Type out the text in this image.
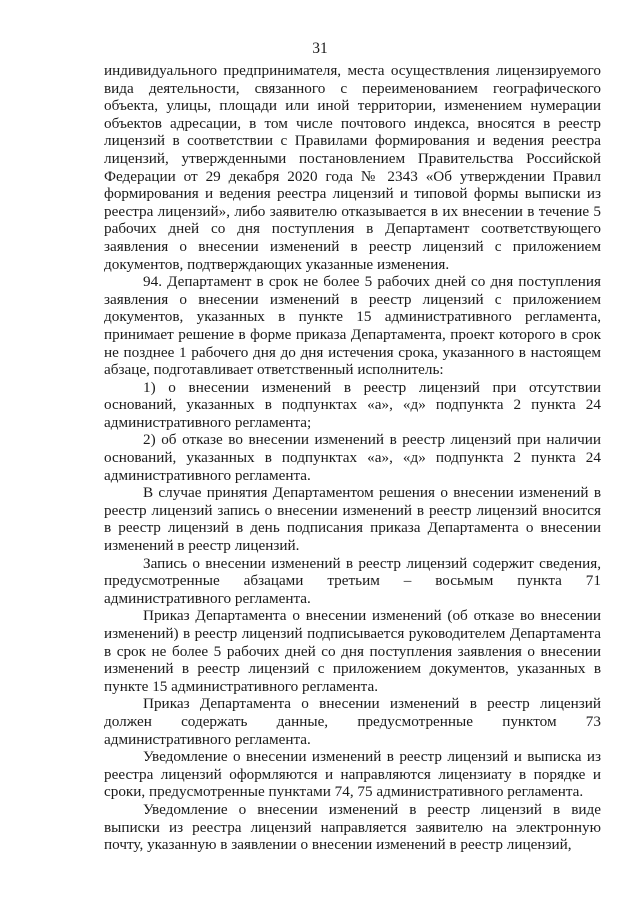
31

индивидуального предпринимателя, места осуществления лицензируемого вида деятельности, связанного с переименованием географического объекта, улицы, площади или иной территории, изменением нумерации объектов адресации, в том числе почтового индекса, вносятся в реестр лицензий в соответствии с Правилами формирования и ведения реестра лицензий, утвержденными постановлением Правительства Российской Федерации от 29 декабря 2020 года № 2343 «Об утверждении Правил формирования и ведения реестра лицензий и типовой формы выписки из реестра лицензий», либо заявителю отказывается в их внесении в течение 5 рабочих дней со дня поступления в Департамент соответствующего заявления о внесении изменений в реестр лицензий с приложением документов, подтверждающих указанные изменения.

94. Департамент в срок не более 5 рабочих дней со дня поступления заявления о внесении изменений в реестр лицензий с приложением документов, указанных в пункте 15 административного регламента, принимает решение в форме приказа Департамента, проект которого в срок не позднее 1 рабочего дня до дня истечения срока, указанного в настоящем абзаце, подготавливает ответственный исполнитель:

1) о внесении изменений в реестр лицензий при отсутствии оснований, указанных в подпунктах «а», «д» подпункта 2 пункта 24 административного регламента;

2) об отказе во внесении изменений в реестр лицензий при наличии оснований, указанных в подпунктах «а», «д» подпункта 2 пункта 24 административного регламента.

В случае принятия Департаментом решения о внесении изменений в реестр лицензий запись о внесении изменений в реестр лицензий вносится в реестр лицензий в день подписания приказа Департамента о внесении изменений в реестр лицензий.

Запись о внесении изменений в реестр лицензий содержит сведения, предусмотренные абзацами третьим – восьмым пункта 71 административного регламента.

Приказ Департамента о внесении изменений (об отказе во внесении изменений) в реестр лицензий подписывается руководителем Департамента в срок не более 5 рабочих дней со дня поступления заявления о внесении изменений в реестр лицензий с приложением документов, указанных в пункте 15 административного регламента.

Приказ Департамента о внесении изменений в реестр лицензий должен содержать данные, предусмотренные пунктом 73 административного регламента.

Уведомление о внесении изменений в реестр лицензий и выписка из реестра лицензий оформляются и направляются лицензиату в порядке и сроки, предусмотренные пунктами 74, 75 административного регламента.

Уведомление о внесении изменений в реестр лицензий в виде выписки из реестра лицензий направляется заявителю на электронную почту, указанную в заявлении о внесении изменений в реестр лицензий,
